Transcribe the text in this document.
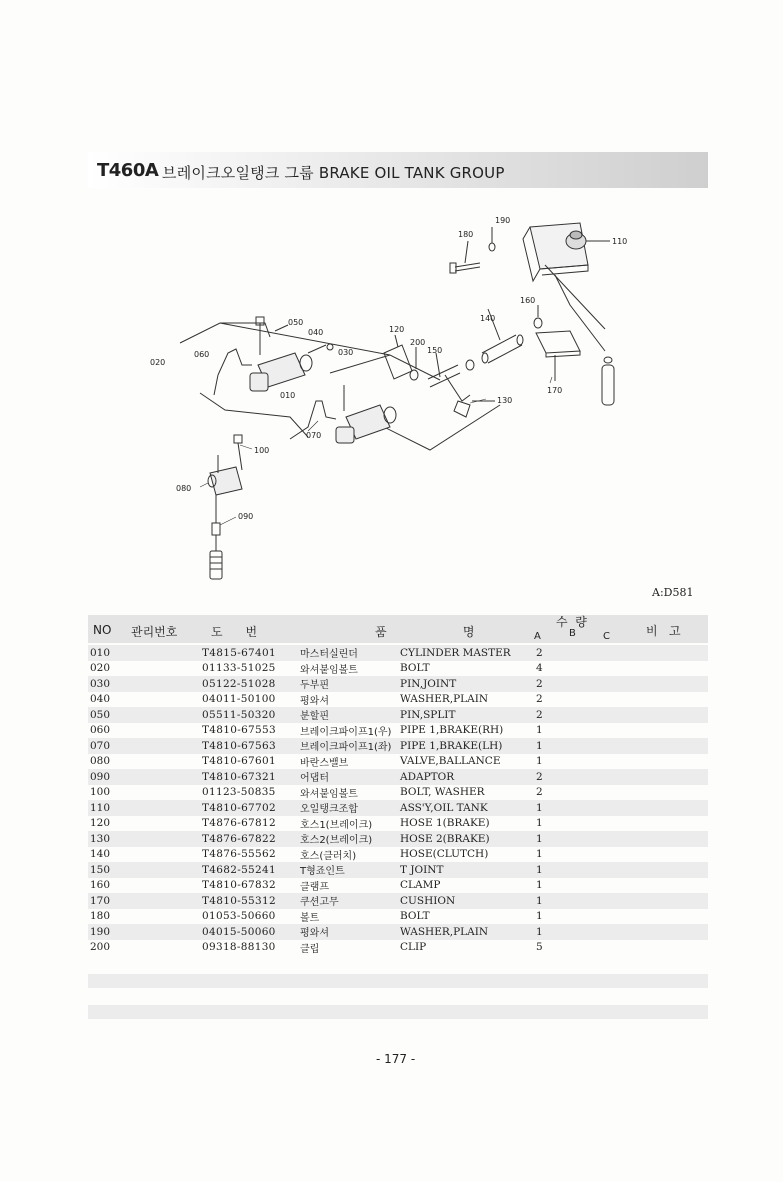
T460A 브레이크오일탱크 그룹 BRAKE OIL TANK GROUP
190
180
110
160
050
040
140
120
020
060	030
200
150
010
130
170
070
100
080
090
A:D581
NO 관리번호	도      번	품                    명
수  량
A	B	C	비   고
010	T4815-67401	마스터실린더	CYLINDER MASTER	2	
020	01133-51025	와셔붙임볼트	BOLT	4	
030	05122-51028	두부핀	PIN,JOINT	2	
040	04011-50100	평와셔	WASHER,PLAIN	2	
050	05511-50320	분할핀	PIN,SPLIT	2	
060	T4810-67553	브레이크파이프1(우)	PIPE 1,BRAKE(RH)	1	
070	T4810-67563	브레이크파이프1(좌)	PIPE 1,BRAKE(LH)	1	
080	T4810-67601	바란스밸브	VALVE,BALLANCE	1	
090	T4810-67321	어댑터	ADAPTOR	2	
100	01123-50835	와셔붙임볼트	BOLT, WASHER	2	
110	T4810-67702	오일탱크조합	ASS'Y,OIL TANK	1	
120	T4876-67812	호스1(브레이크)	HOSE 1(BRAKE)	1	
130	T4876-67822	호스2(브레이크)	HOSE 2(BRAKE)	1	
140	T4876-55562	호스(클러치)	HOSE(CLUTCH)	1	
150	T4682-55241	T형죠인트	T JOINT	1	
160	T4810-67832	클램프	CLAMP	1	
170	T4810-55312	쿠션고무	CUSHION	1	
180	01053-50660	볼트	BOLT	1	
190	04015-50060	평와셔	WASHER,PLAIN	1	
200	09318-88130	클립	CLIP	5	
- 177 -
